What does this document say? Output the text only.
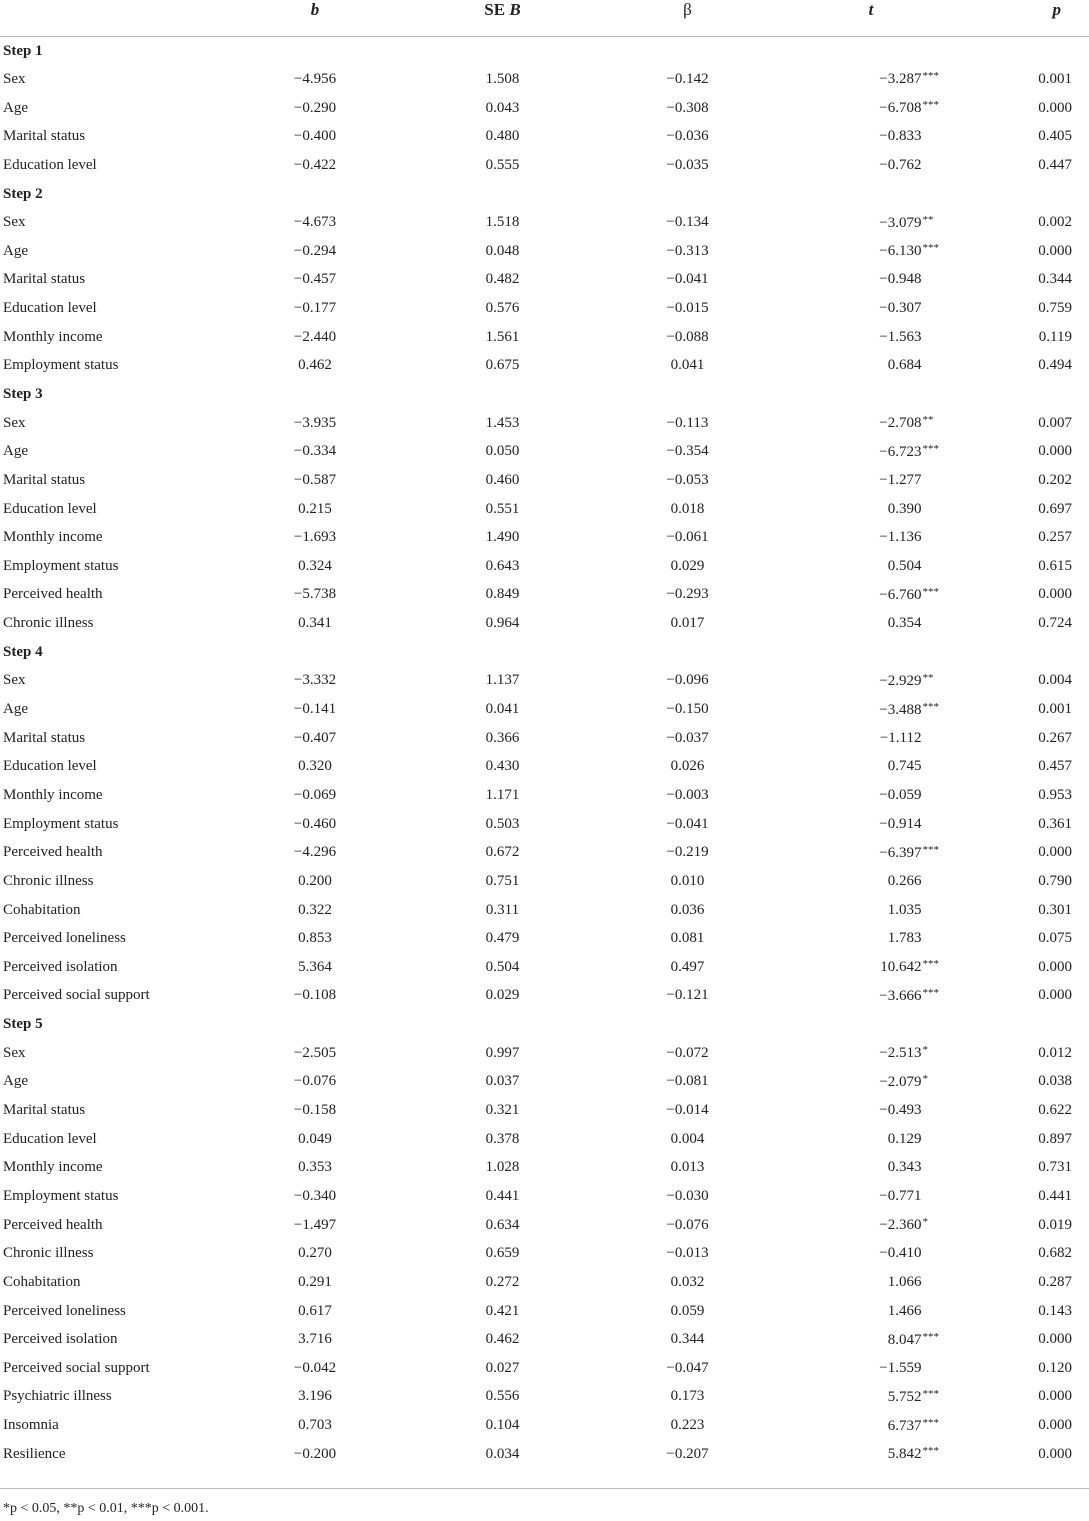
	b	SE B	β	t	p
Step 1					
Sex	−4.956	1.508	−0.142	−3.287***	0.001
Age	−0.290	0.043	−0.308	−6.708***	0.000
Marital status	−0.400	0.480	−0.036	−0.833	0.405
Education level	−0.422	0.555	−0.035	−0.762	0.447
Step 2					
Sex	−4.673	1.518	−0.134	−3.079**	0.002
Age	−0.294	0.048	−0.313	−6.130***	0.000
Marital status	−0.457	0.482	−0.041	−0.948	0.344
Education level	−0.177	0.576	−0.015	−0.307	0.759
Monthly income	−2.440	1.561	−0.088	−1.563	0.119
Employment status	0.462	0.675	0.041	0.684	0.494
Step 3					
Sex	−3.935	1.453	−0.113	−2.708**	0.007
Age	−0.334	0.050	−0.354	−6.723***	0.000
Marital status	−0.587	0.460	−0.053	−1.277	0.202
Education level	0.215	0.551	0.018	0.390	0.697
Monthly income	−1.693	1.490	−0.061	−1.136	0.257
Employment status	0.324	0.643	0.029	0.504	0.615
Perceived health	−5.738	0.849	−0.293	−6.760***	0.000
Chronic illness	0.341	0.964	0.017	0.354	0.724
Step 4					
Sex	−3.332	1.137	−0.096	−2.929**	0.004
Age	−0.141	0.041	−0.150	−3.488***	0.001
Marital status	−0.407	0.366	−0.037	−1.112	0.267
Education level	0.320	0.430	0.026	0.745	0.457
Monthly income	−0.069	1.171	−0.003	−0.059	0.953
Employment status	−0.460	0.503	−0.041	−0.914	0.361
Perceived health	−4.296	0.672	−0.219	−6.397***	0.000
Chronic illness	0.200	0.751	0.010	0.266	0.790
Cohabitation	0.322	0.311	0.036	1.035	0.301
Perceived loneliness	0.853	0.479	0.081	1.783	0.075
Perceived isolation	5.364	0.504	0.497	10.642***	0.000
Perceived social support	−0.108	0.029	−0.121	−3.666***	0.000
Step 5					
Sex	−2.505	0.997	−0.072	−2.513*	0.012
Age	−0.076	0.037	−0.081	−2.079*	0.038
Marital status	−0.158	0.321	−0.014	−0.493	0.622
Education level	0.049	0.378	0.004	0.129	0.897
Monthly income	0.353	1.028	0.013	0.343	0.731
Employment status	−0.340	0.441	−0.030	−0.771	0.441
Perceived health	−1.497	0.634	−0.076	−2.360*	0.019
Chronic illness	0.270	0.659	−0.013	−0.410	0.682
Cohabitation	0.291	0.272	0.032	1.066	0.287
Perceived loneliness	0.617	0.421	0.059	1.466	0.143
Perceived isolation	3.716	0.462	0.344	8.047***	0.000
Perceived social support	−0.042	0.027	−0.047	−1.559	0.120
Psychiatric illness	3.196	0.556	0.173	5.752***	0.000
Insomnia	0.703	0.104	0.223	6.737***	0.000
Resilience	−0.200	0.034	−0.207	5.842***	0.000
*p < 0.05, **p < 0.01, ***p < 0.001.
